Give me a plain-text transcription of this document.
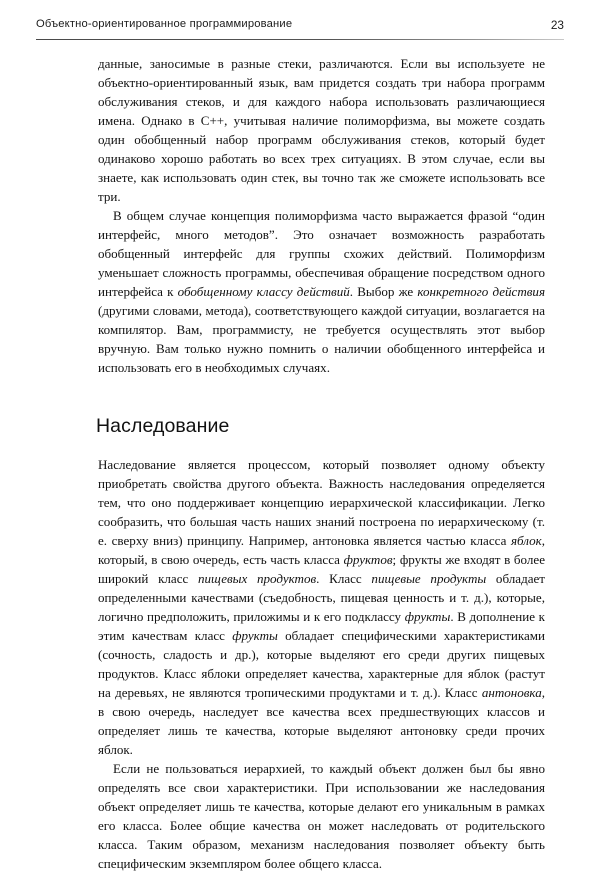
Объектно-ориентированное программирование	23

данные, заносимые в разные стеки, различаются. Если вы используете не объектно-ориентированный язык, вам придется создать три набора программ обслуживания стеков, и для каждого набора использовать различающиеся имена. Однако в C++, учитывая наличие полиморфизма, вы можете создать один обобщенный набор программ обслуживания стеков, который будет одинаково хорошо работать во всех трех ситуациях. В этом случае, если вы знаете, как использовать один стек, вы точно так же сможете использовать все три.

В общем случае концепция полиморфизма часто выражается фразой “один интерфейс, много методов”. Это означает возможность разработать обобщенный интерфейс для группы схожих действий. Полиморфизм уменьшает сложность программы, обеспечивая обращение посредством одного интерфейса к обобщенному классу действий. Выбор же конкретного действия (другими словами, метода), соответствующего каждой ситуации, возлагается на компилятор. Вам, программисту, не требуется осуществлять этот выбор вручную. Вам только нужно помнить о наличии обобщенного интерфейса и использовать его в необходимых случаях.

Наследование

Наследование является процессом, который позволяет одному объекту приобретать свойства другого объекта. Важность наследования определяется тем, что оно поддерживает концепцию иерархической классификации. Легко сообразить, что большая часть наших знаний построена по иерархическому (т. е. сверху вниз) принципу. Например, антоновка является частью класса яблок, который, в свою очередь, есть часть класса фруктов; фрукты же входят в более широкий класс пищевых продуктов. Класс пищевые продукты обладает определенными качествами (съедобность, пищевая ценность и т. д.), которые, логично предположить, приложимы и к его подклассу фрукты. В дополнение к этим качествам класс фрукты обладает специфическими характеристиками (сочность, сладость и др.), которые выделяют его среди других пищевых продуктов. Класс яблоки определяет качества, характерные для яблок (растут на деревьях, не являются тропическими продуктами и т. д.). Класс антоновка, в свою очередь, наследует все качества всех предшествующих классов и определяет лишь те качества, которые выделяют антоновку среди прочих яблок.

Если не пользоваться иерархией, то каждый объект должен был бы явно определять все свои характеристики. При использовании же наследования объект определяет лишь те качества, которые делают его уникальным в рамках его класса. Более общие качества он может наследовать от родительского класса. Таким образом, механизм наследования позволяет объекту быть специфическим экземпляром более общего класса.
